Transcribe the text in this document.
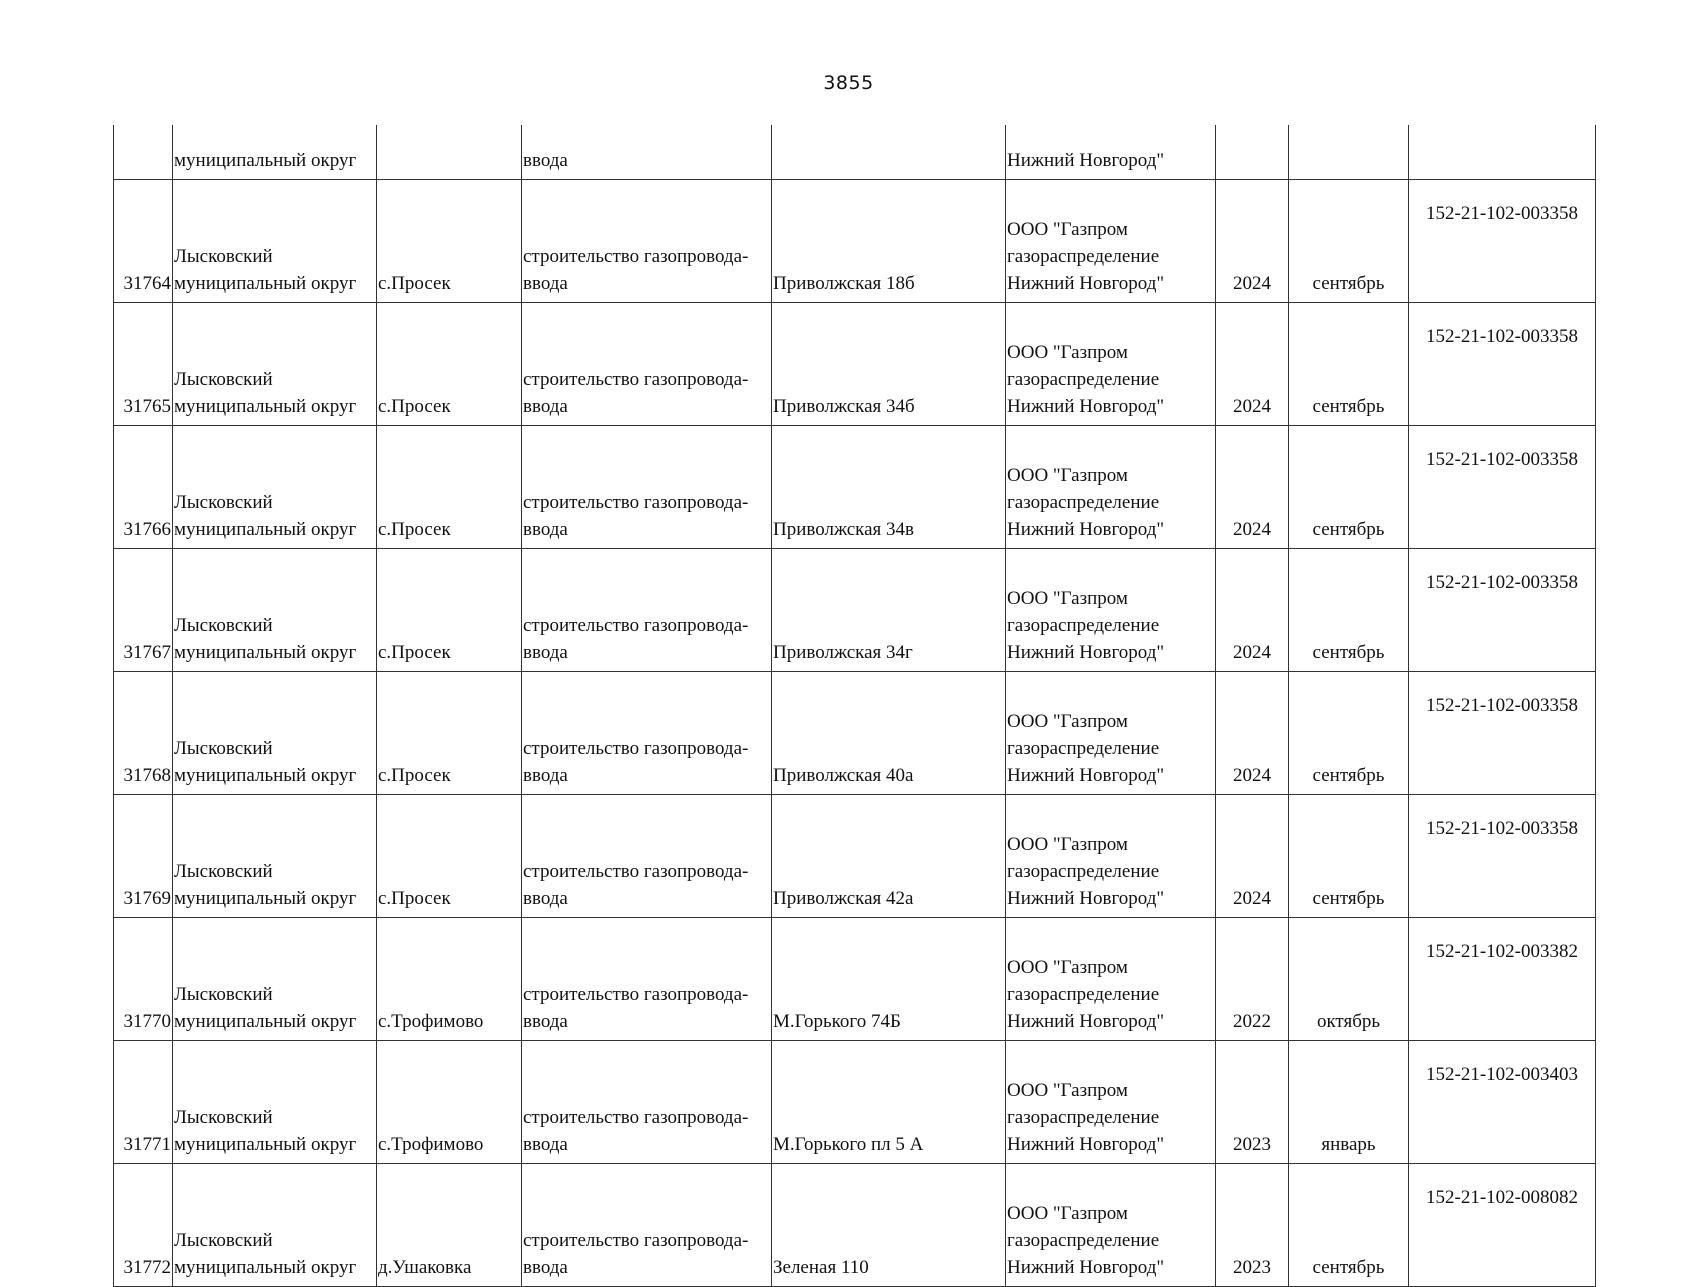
3855
	муниципальный округ		ввода		Нижний Новгород"			
31764	Лысковский
муниципальный округ	с.Просек	строительство газопровода-
ввода	Приволжская 18б	ООО "Газпром
газораспределение
Нижний Новгород"	2024	сентябрь	152-21-102-003358
31765	Лысковский
муниципальный округ	с.Просек	строительство газопровода-
ввода	Приволжская 34б	ООО "Газпром
газораспределение
Нижний Новгород"	2024	сентябрь	152-21-102-003358
31766	Лысковский
муниципальный округ	с.Просек	строительство газопровода-
ввода	Приволжская 34в	ООО "Газпром
газораспределение
Нижний Новгород"	2024	сентябрь	152-21-102-003358
31767	Лысковский
муниципальный округ	с.Просек	строительство газопровода-
ввода	Приволжская 34г	ООО "Газпром
газораспределение
Нижний Новгород"	2024	сентябрь	152-21-102-003358
31768	Лысковский
муниципальный округ	с.Просек	строительство газопровода-
ввода	Приволжская 40а	ООО "Газпром
газораспределение
Нижний Новгород"	2024	сентябрь	152-21-102-003358
31769	Лысковский
муниципальный округ	с.Просек	строительство газопровода-
ввода	Приволжская 42а	ООО "Газпром
газораспределение
Нижний Новгород"	2024	сентябрь	152-21-102-003358
31770	Лысковский
муниципальный округ	с.Трофимово	строительство газопровода-
ввода	М.Горького 74Б	ООО "Газпром
газораспределение
Нижний Новгород"	2022	октябрь	152-21-102-003382
31771	Лысковский
муниципальный округ	с.Трофимово	строительство газопровода-
ввода	М.Горького пл 5 А	ООО "Газпром
газораспределение
Нижний Новгород"	2023	январь	152-21-102-003403
31772	Лысковский
муниципальный округ	д.Ушаковка	строительство газопровода-
ввода	Зеленая 110	ООО "Газпром
газораспределение
Нижний Новгород"	2023	сентябрь	152-21-102-008082
